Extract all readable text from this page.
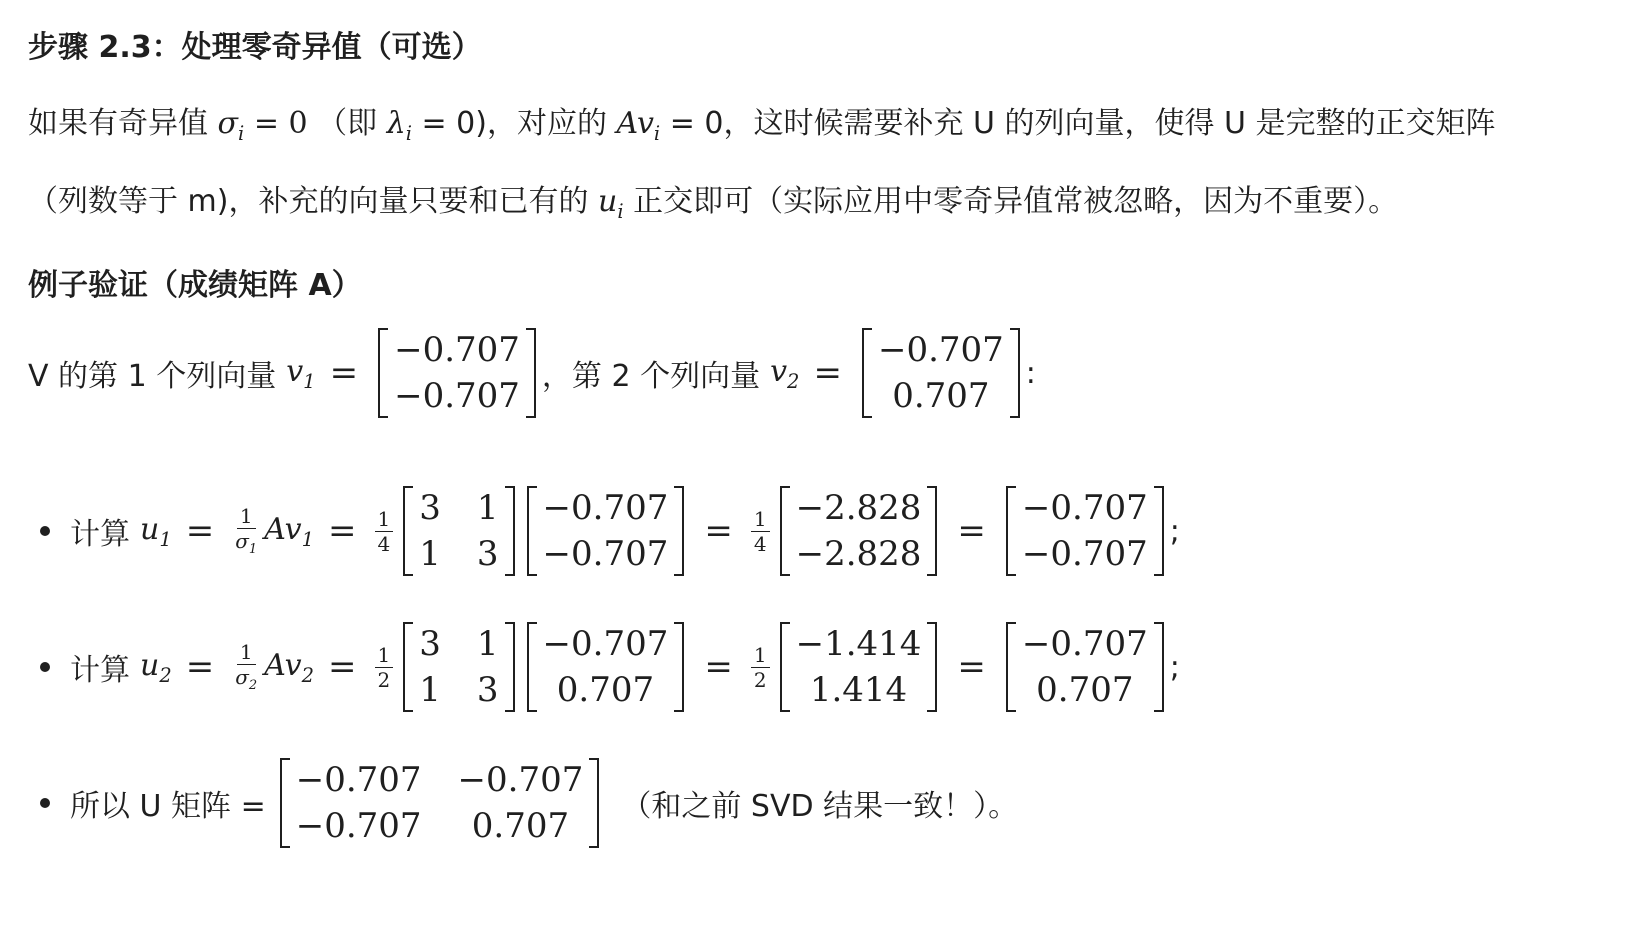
步骤 2.3：处理零奇异值（可选）
如果有奇异值 $\sigma_i = 0$ （即 $\lambda_i = 0$)，对应的 $Av_i = 0$，这时候需要补充 U 的列向量，使得 U 是完整的正交矩阵
（列数等于 m)，补充的向量只要和已有的 $u_i$ 正交即可（实际应用中零奇异值常被忽略，因为不重要）。
例子验证（成绩矩阵 A）
V 的第 1 个列向量 $v_1$ =
−0.707
−0.707 ，第 2 个列向量 $v_2$ =
−0.707
0.707
:
计算 $u_1 = \frac{1}{\sigma_1} Av_1 = \frac{1}{4}$
3 1
1 3
−0.707
−0.707
= $\frac{1}{4}$
−2.828
−2.828
=
−0.707
−0.707
;
计算 $u_2 = \frac{1}{\sigma_2} Av_2 = \frac{1}{2}$
3 1
1 3
−0.707
0.707
= $\frac{1}{2}$
−1.414
1.414
=
−0.707
0.707
;
所以 U 矩阵 =
−0.707 −0.707
−0.707	0.707	（和之前 SVD 结果一致！）。
